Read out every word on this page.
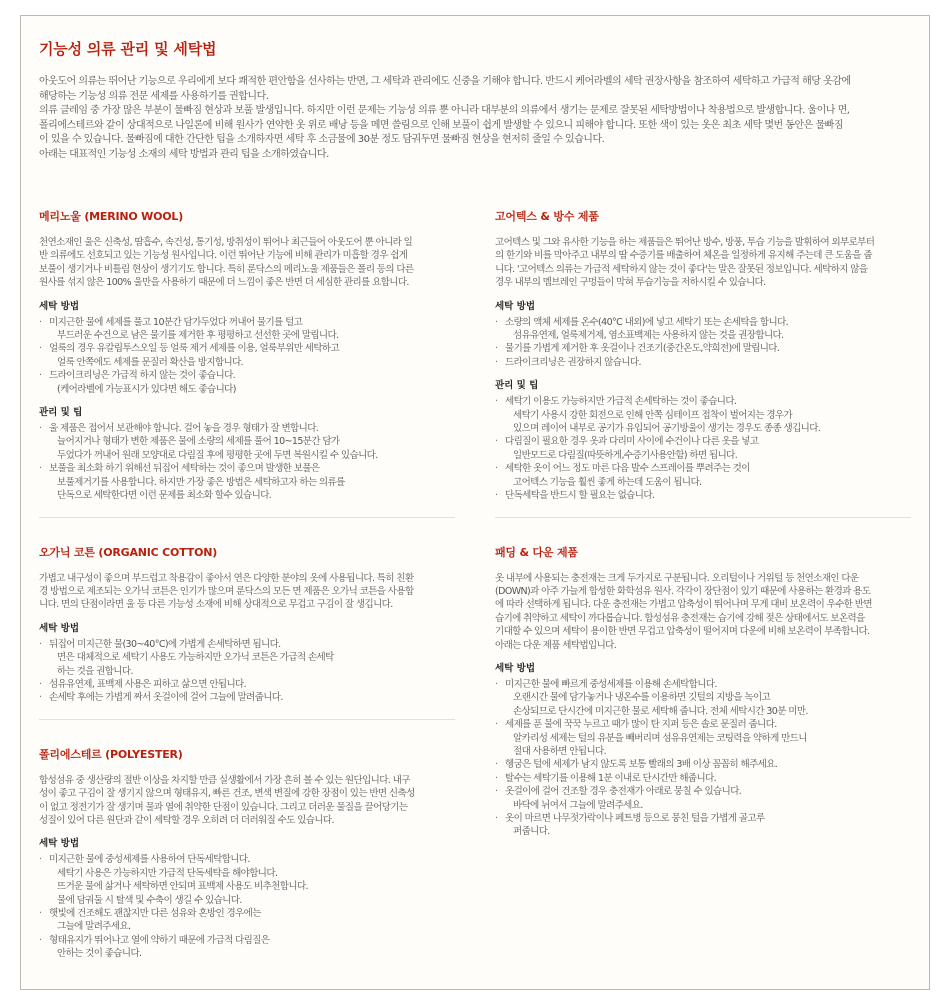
기능성 의류 관리 및 세탁법

아웃도어 의류는 뛰어난 기능으로 우리에게 보다 쾌적한 편안함을 선사하는 반면, 그 세탁과 관리에도 신중을 기해야 합니다. 반드시 케어라벨의 세탁 권장사항을 참조하여 세탁하고 가급적 해당 옷감에

해당하는 기능성 의류 전문 세제를 사용하기를 권합니다.

의류 클레임 중 가장 많은 부분이 물빠짐 현상과 보풀 발생입니다. 하지만 이런 문제는 기능성 의류 뿐 아니라 대부분의 의류에서 생기는 문제로 잘못된 세탁방법이나 착용법으로 발생합니다. 울이나 면,

폴리에스테르와 같이 상대적으로 나일론에 비해 원사가 연약한 옷 위로 배낭 등을 메면 쓸림으로 인해 보풀이 쉽게 발생할 수 있으니 피해야 합니다. 또한 색이 있는 옷은 최초 세탁 몇번 동안은 물빠짐

이 있을 수 있습니다. 물빠짐에 대한 간단한 팁을 소개하자면 세탁 후 소금물에 30분 정도 담궈두면 물빠짐 현상을 현저히 줄일 수 있습니다.

아래는 대표적인 기능성 소재의 세탁 방법과 관리 팁을 소개하였습니다.

메리노울 (MERINO WOOL)
천연소재인 울은 신축성, 땀흡수, 속건성, 통기성, 방취성이 뛰어나 최근들어 아웃도어 뿐 아니라 일
반 의류에도 선호되고 있는 기능성 원사입니다. 이런 뛰어난 기능에 비해 관리가 미흡할 경우 쉽게
보풀이 생기거나 비틀림 현상이 생기기도 합니다. 특히 룬닥스의 메리노울 제품들은 폴리 등의 다른
원사를 섞지 않은 100% 울만을 사용하기 때문에 더 느낌이 좋은 반면 더 세심한 관리를 요합니다.
세탁 방법
· 미지근한 물에 세제를 풀고 10분간 담가두었다 꺼내어 물기를 털고
부드러운 수건으로 남은 물기를 제거한 후 평평하고 선선한 곳에 말립니다.
· 얼룩의 경우 유칼립투스오일 등 얼룩 제거 세제를 이용, 얼룩부위만 세탁하고
얼룩 안쪽에도 세제를 문질러 확산을 방지합니다.
· 드라이크리닝은 가급적 하지 않는 것이 좋습니다.
(케어라벨에 가능표시가 있다면 해도 좋습니다)
관리 및 팁
· 울 제품은 접어서 보관해야 합니다. 걸어 놓을 경우 형태가 잘 변합니다.
늘어지거나 형태가 변한 제품은 물에 소량의 세제를 풀어 10~15분간 담가
두었다가 꺼내어 원래 모양대로 다림질 후에 평평한 곳에 두면 복원시킬 수 있습니다.
· 보풀을 최소화 하기 위해선 뒤집어 세탁하는 것이 좋으며 발생한 보풀은
보풀제거기를 사용합니다. 하지만 가장 좋은 방법은 세탁하고자 하는 의류를
단독으로 세탁한다면 이런 문제를 최소화 할수 있습니다.
오가닉 코튼 (ORGANIC COTTON)
가볍고 내구성이 좋으며 부드럽고 착용감이 좋아서 연은 다양한 분야의 옷에 사용됩니다. 특히 친환
경 방법으로 제조되는 오가닉 코튼은 인기가 많으며 룬닥스의 모든 면 제품은 오가닉 코튼을 사용합
니다. 면의 단점이라면 울 등 다른 기능성 소재에 비해 상대적으로 무겁고 구김이 잘 생깁니다.
세탁 방법
· 뒤집어 미지근한 물(30~40°C)에 가볍게 손세탁하면 됩니다.
면은 대체적으로 세탁기 사용도 가능하지만 오가닉 코튼은 가급적 손세탁
하는 것을 권합니다.
· 섬유유연제, 표백제 사용은 피하고 삶으면 안됩니다.
· 손세탁 후에는 가볍게 짜서 옷걸이에 걸어 그늘에 말려줍니다.
폴리에스테르 (POLYESTER)
합성섬유 중 생산량의 절반 이상을 차지할 만큼 실생활에서 가장 흔히 볼 수 있는 원단입니다. 내구
성이 좋고 구김이 잘 생기지 않으며 형태유지, 빠른 건조, 변색 변질에 강한 장점이 있는 반면 신축성
이 없고 정전기가 잘 생기며 물과 열에 취약한 단점이 있습니다. 그리고 더러운 물질을 끌어당기는
성질이 있어 다른 원단과 같이 세탁할 경우 오히려 더 더러워질 수도 있습니다.
세탁 방법
· 미지근한 물에 중성세제를 사용하여 단독세탁합니다.
세탁기 사용은 가능하지만 가급적 단독세탁을 해야합니다.
뜨거운 물에 삶거나 세탁하면 안되며 표백제 사용도 비추천합니다.
물에 담궈둘 시 탈색 및 수축이 생길 수 있습니다.
· 햇빛에 건조해도 괜찮지만 다른 섬유와 혼방인 경우에는
그늘에 말려주세요.
· 형태유지가 뛰어나고 열에 약하기 때문에 가급적 다림질은
안하는 것이 좋습니다.
고어텍스 & 방수 제품
고어텍스 및 그와 유사한 기능을 하는 제품들은 뛰어난 방수, 방풍, 투습 기능을 발휘하여 외부로부터
의 한기와 비를 막아주고 내부의 땀 수증기를 배출하여 체온을 일정하게 유지해 주는데 큰 도움을 줍
니다. '고어텍스 의류는 가급적 세탁하지 않는 것이 좋다'는 말은 잘못된 정보입니다. 세탁하지 않을
경우 내부의 멤브레인 구멍들이 막혀 투습기능을 저하시킬 수 있습니다.
세탁 방법
· 소량의 액체 세제를 온수(40°C 내외)에 넣고 세탁기 또는 손세탁을 합니다.
섬유유연제, 얼룩제거제, 염소표백제는 사용하지 않는 것을 권장합니다.
· 물기를 가볍게 제거한 후 옷걸이나 건조기(중간온도,약희전)에 말립니다.
· 드라이크리닝은 권장하지 않습니다.
관리 및 팁
· 세탁기 이용도 가능하지만 가급적 손세탁하는 것이 좋습니다.
세탁기 사용시 강한 회전으로 인해 안쪽 심테이프 접착이 벌어지는 경우가
있으며 레이어 내부로 공기가 유입되어 공기방울이 생기는 경우도 종종 생깁니다.
· 다림질이 필요한 경우 옷과 다리미 사이에 수건이나 다른 옷을 넣고
일반모드로 다림질(따뜻하게,수증기사용안함) 하면 됩니다.
· 세탁한 옷이 어느 정도 마른 다음 발수 스프레이를 뿌려주는 것이
고어텍스 기능을 훨씬 좋게 하는데 도움이 됩니다.
· 단독세탁을 반드시 할 필요는 없습니다.
패딩 & 다운 제품
옷 내부에 사용되는 충전재는 크게 두가지로 구분됩니다. 오리털이나 거위털 등 천연소재인 다운
(DOWN)과 아주 가늘게 합성한 화학섬유 원사. 각각이 장단점이 있기 때문에 사용하는 환경과 용도
에 따라 선택하게 됩니다. 다운 충전재는 가볍고 압축성이 뛰어나며 무게 대비 보온력이 우수한 반면
습기에 취약하고 세탁이 까다롭습니다. 합성섬유 충전재는 습기에 강해 젖은 상태에서도 보온력을
기대할 수 있으며 세탁이 용이한 반면 무겁고 압축성이 떨어지며 다운에 비해 보온력이 부족합니다.
아래는 다운 제품 세탁법입니다.
세탁 방법
· 미지근한 물에 빠르게 중성세제를 이용해 손세탁합니다.
오랜시간 물에 담가놓거나 냉온수를 이용하면 깃털의 지방을 녹이고
손상되므로 단시간에 미지근한 물로 세탁해 줍니다. 전체 세탁시간 30분 미만.
· 세제를 푼 물에 꾹꾹 누르고 때가 많이 탄 지퍼 등은 솔로 문질러 줍니다.
알카리성 세제는 털의 유분을 빼버리며 섬유유연제는 코팅력을 약하게 만드니
절대 사용하면 안됩니다.
· 헹굼은 털에 세제가 남지 않도록 보통 빨래의 3배 이상 꼼꼼히 해주세요.
· 탈수는 세탁기를 이용해 1분 이내로 단시간만 해줍니다.
· 옷걸이에 걸어 건조할 경우 충전재가 아래로 뭉칠 수 있습니다.
바닥에 뉘여서 그늘에 말려주세요.
· 옷이 마르면 나무젓가락이나 페트병 등으로 뭉친 털을 가볍게 골고루
퍼줍니다.
